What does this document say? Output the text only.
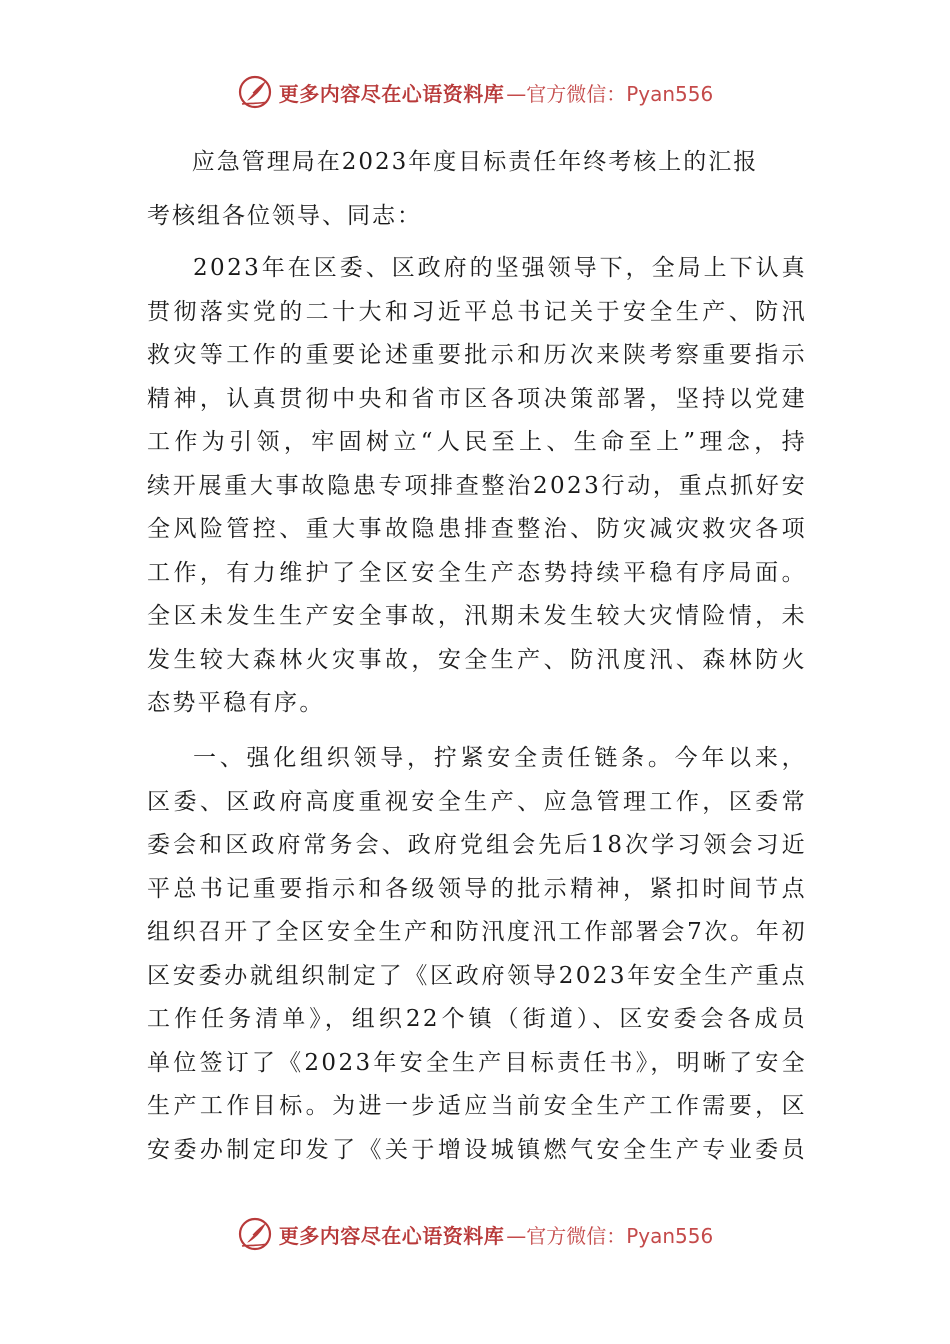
更多内容尽在心语资料库 —官方微信：Pyan556
应急管理局在2023年度目标责任年终考核上的汇报
考核组各位领导、同志：
2023年在区委、区政府的坚强领导下，全局上下认真
贯彻落实党的二十大和习近平总书记关于安全生产、防汛
救灾等工作的重要论述重要批示和历次来陕考察重要指示
精神，认真贯彻中央和省市区各项决策部署，坚持以党建
工作为引领，牢固树立“人民至上、生命至上”理念，持
续开展重大事故隐患专项排查整治2023行动，重点抓好安
全风险管控、重大事故隐患排查整治、防灾减灾救灾各项
工作，有力维护了全区安全生产态势持续平稳有序局面。
全区未发生生产安全事故，汛期未发生较大灾情险情，未
发生较大森林火灾事故，安全生产、防汛度汛、森林防火
态势平稳有序。
一、强化组织领导，拧紧安全责任链条。今年以来，
区委、区政府高度重视安全生产、应急管理工作，区委常
委会和区政府常务会、政府党组会先后18次学习领会习近
平总书记重要指示和各级领导的批示精神，紧扣时间节点
组织召开了全区安全生产和防汛度汛工作部署会7次。年初
区安委办就组织制定了《区政府领导2023年安全生产重点
工作任务清单》，组织22个镇（街道）、区安委会各成员
单位签订了《2023年安全生产目标责任书》，明晰了安全
生产工作目标。为进一步适应当前安全生产工作需要，区
安委办制定印发了《关于增设城镇燃气安全生产专业委员
更多内容尽在心语资料库 —官方微信：Pyan556
